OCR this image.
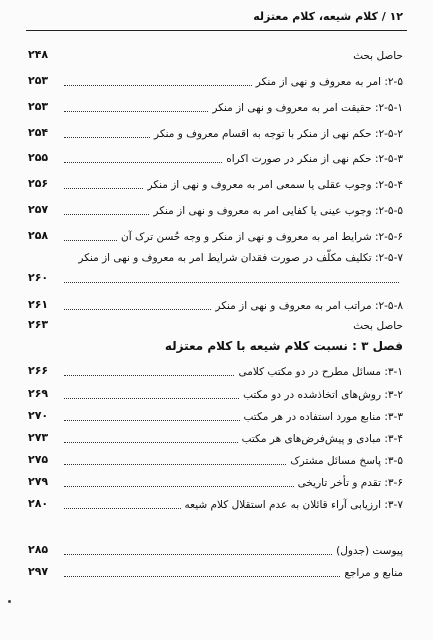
۱۲ / کلام شیعه، کلام معتزله
حاصل بحث
۲۴۸
۲-۵: امر به معروف و نهی از منکر
۲۵۳
۲-۵-۱: حقیقت امر به معروف و نهی از منکر
۲۵۳
۲-۵-۲: حکم نهی از منکر با توجه به اقسام معروف و منکر
۲۵۴
۲-۵-۳: حکم نهی از منکر در صورت اکراه
۲۵۵
۲-۵-۴: وجوب عقلی یا سمعی امر به معروف و نهی از منکر
۲۵۶
۲-۵-۵: وجوب عینی یا کفایی امر به معروف و نهی از منکر
۲۵۷
۲-۵-۶: شرایط امر به معروف و نهی از منکر و وجه حُسن ترک آن
۲۵۸
۲-۵-۷: تکلیف مکلّف در صورت فقدان شرایط امر به معروف و نهی از منکر
۲۶۰
۲-۵-۸: مراتب امر به معروف و نهی از منکر
۲۶۱
حاصل بحث
۲۶۳
فصل ۳ : نسبت کلام شیعه با کلام معتزله
۳-۱: مسائل مطرح در دو مکتب کلامی
۲۶۶
۳-۲: روش‌های اتخاذشده در دو مکتب
۲۶۹
۳-۳: منابع مورد استفاده در هر مکتب
۲۷۰
۳-۴: مبادی و پیش‌فرض‌های هر مکتب
۲۷۳
۳-۵: پاسخ مسائل مشترک
۲۷۵
۳-۶: تقدم و تأخر تاریخی
۲۷۹
۳-۷: ارزیابی آراء قائلان به عدم استقلال کلام شیعه
۲۸۰
پیوست (جدول)
۲۸۵
منابع و مراجع
۲۹۷
